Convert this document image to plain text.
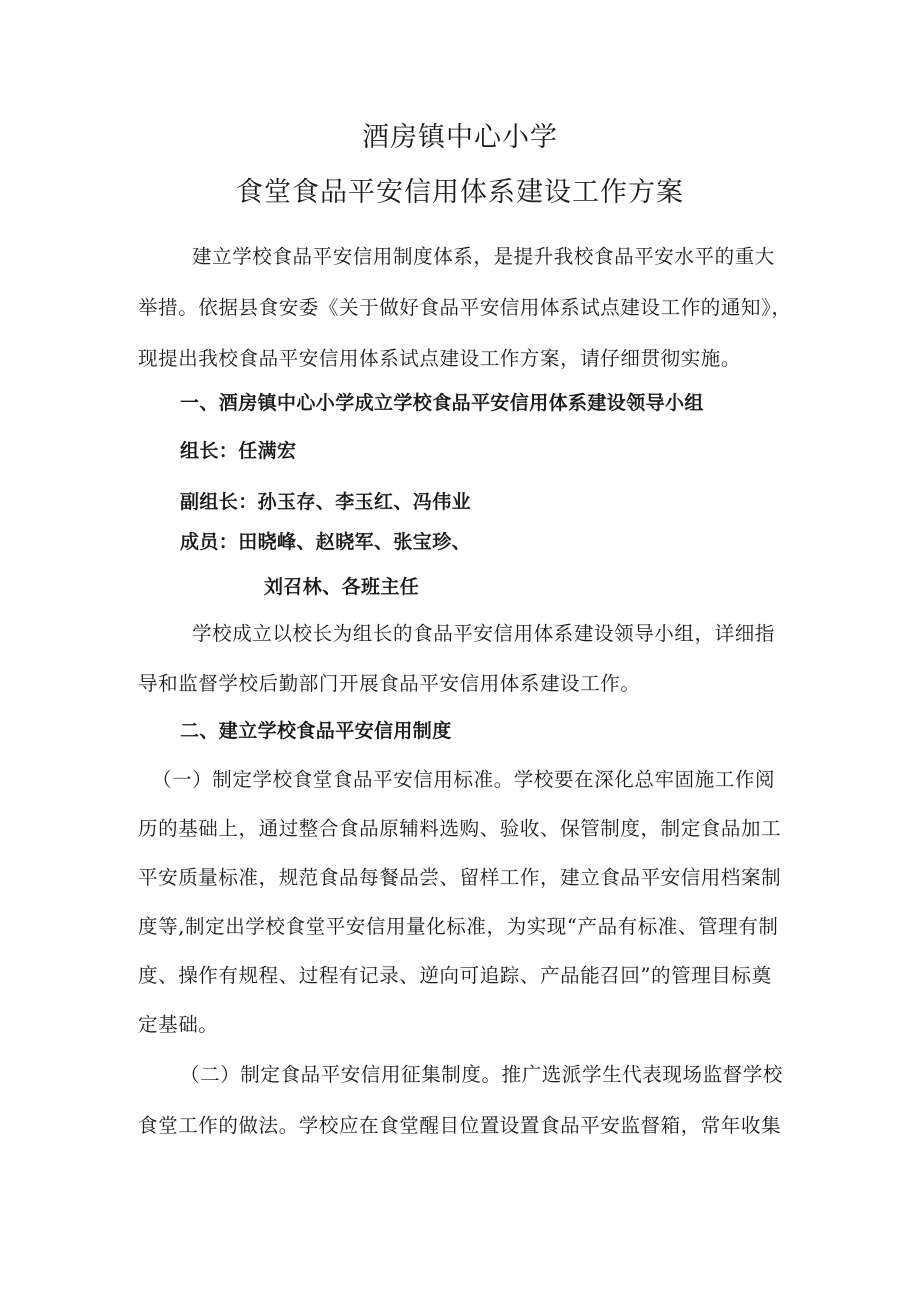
酒房镇中心小学
食堂食品平安信用体系建设工作方案
建立学校食品平安信用制度体系，是提升我校食品平安水平的重大
举措。依据县食安委《关于做好食品平安信用体系试点建设工作的通知》，
现提出我校食品平安信用体系试点建设工作方案，请仔细贯彻实施。
一、酒房镇中心小学成立学校食品平安信用体系建设领导小组
组长：任满宏
副组长：孙玉存、李玉红、冯伟业
成员：田晓峰、赵晓军、张宝珍、
刘召林、各班主任
学校成立以校长为组长的食品平安信用体系建设领导小组，详细指
导和监督学校后勤部门开展食品平安信用体系建设工作。
二、建立学校食品平安信用制度
（一）制定学校食堂食品平安信用标准。学校要在深化总牢固施工作阅
历的基础上，通过整合食品原辅料选购、验收、保管制度，制定食品加工
平安质量标准，规范食品每餐品尝、留样工作，建立食品平安信用档案制
度等,制定出学校食堂平安信用量化标准，为实现“产品有标准、管理有制
度、操作有规程、过程有记录、逆向可追踪、产品能召回”的管理目标奠
定基础。
（二）制定食品平安信用征集制度。推广选派学生代表现场监督学校
食堂工作的做法。学校应在食堂醒目位置设置食品平安监督箱，常年收集
